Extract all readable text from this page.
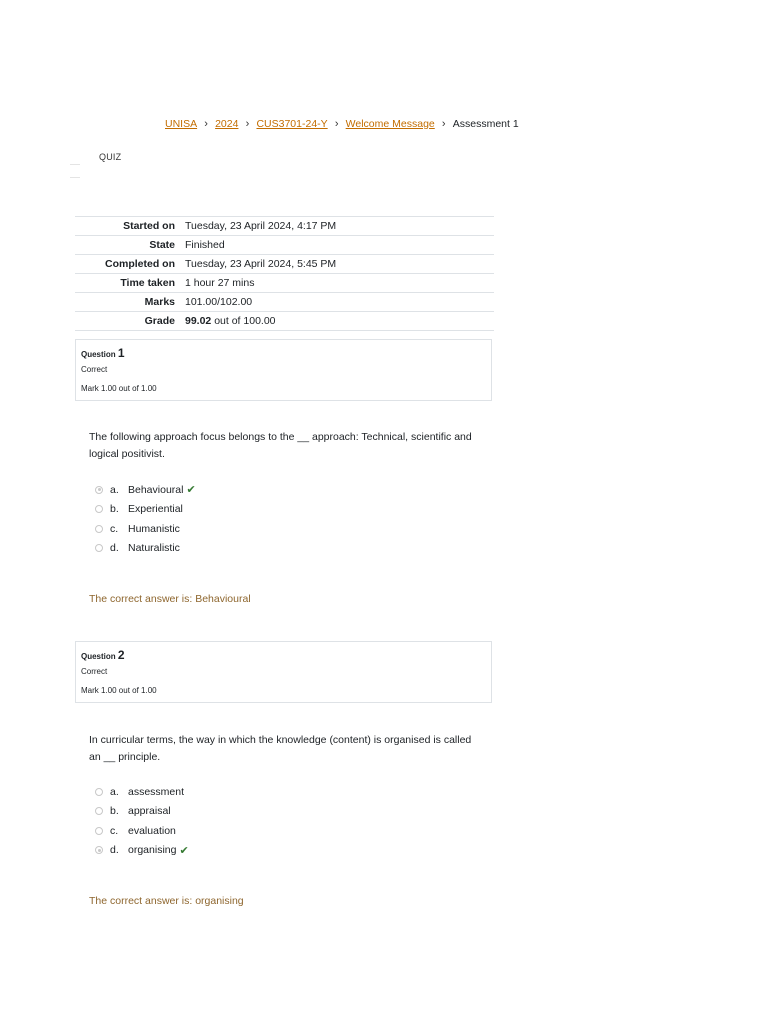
UNISA › 2024 › CUS3701-24-Y › Welcome Message › Assessment 1
QUIZ
Started on	Tuesday, 23 April 2024, 4:17 PM
State	Finished
Completed on	Tuesday, 23 April 2024, 5:45 PM
Time taken	1 hour 27 mins
Marks	101.00/102.00
Grade	99.02 out of 100.00
Question 1
Correct
Mark 1.00 out of 1.00
The following approach focus belongs to the __ approach: Technical, scientific and logical positivist.
a. Behavioural ✔
b. Experiential
c. Humanistic
d. Naturalistic
The correct answer is: Behavioural
Question 2
Correct
Mark 1.00 out of 1.00
In curricular terms, the way in which the knowledge (content) is organised is called an __ principle.
a. assessment
b. appraisal
c. evaluation
d. organising ✔
The correct answer is: organising
